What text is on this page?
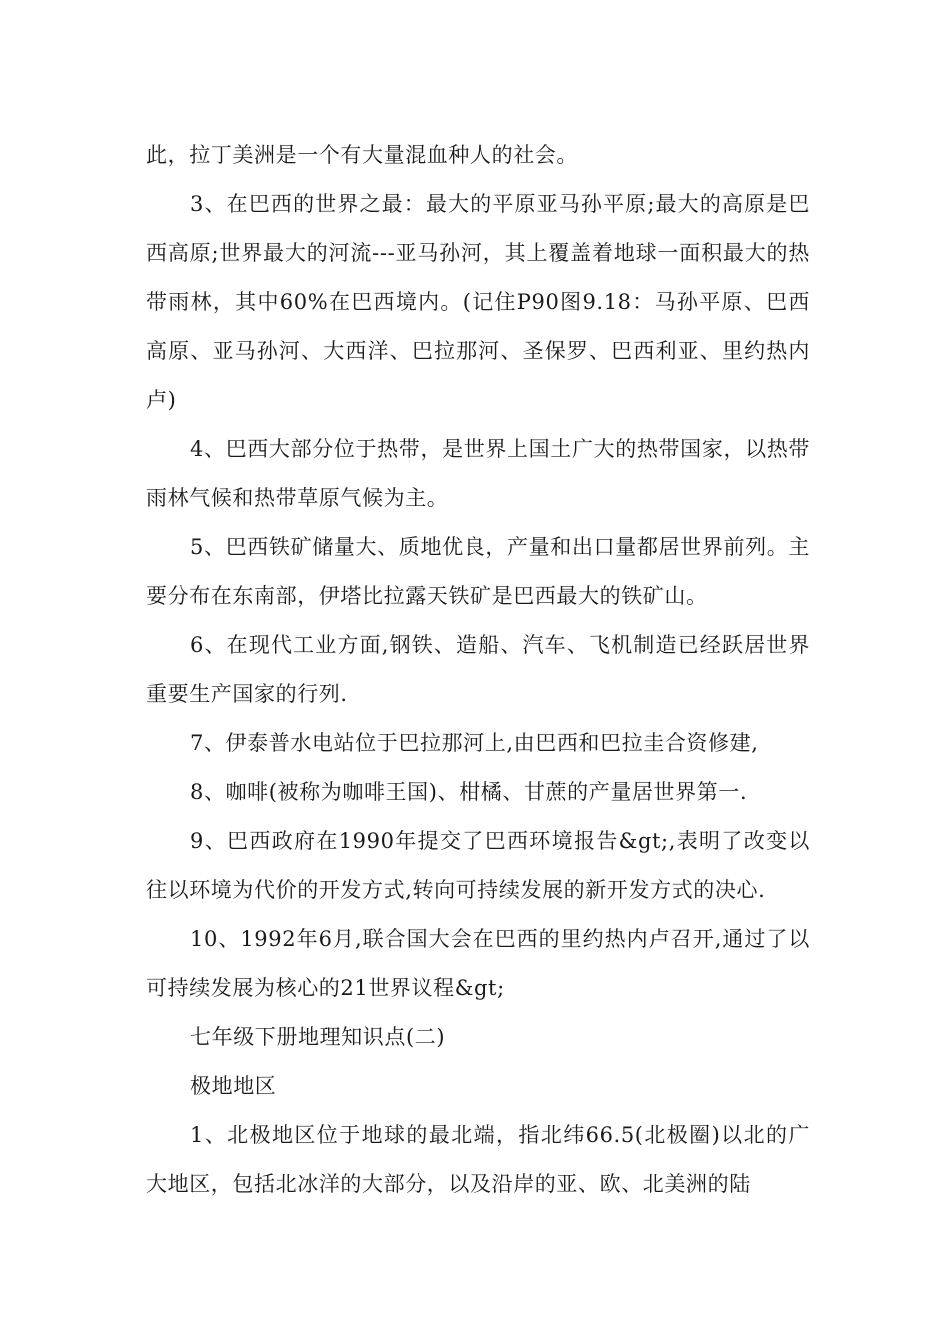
此，拉丁美洲是一个有大量混血种人的社会。

3、在巴西的世界之最：最大的平原亚马孙平原;最大的高原是巴西高原;世界最大的河流---亚马孙河，其上覆盖着地球一面积最大的热带雨林，其中60%在巴西境内。(记住P90图9.18：马孙平原、巴西高原、亚马孙河、大西洋、巴拉那河、圣保罗、巴西利亚、里约热内卢)

4、巴西大部分位于热带，是世界上国土广大的热带国家，以热带雨林气候和热带草原气候为主。

5、巴西铁矿储量大、质地优良，产量和出口量都居世界前列。主要分布在东南部，伊塔比拉露天铁矿是巴西最大的铁矿山。

6、在现代工业方面,钢铁、造船、汽车、飞机制造已经跃居世界重要生产国家的行列.

7、伊泰普水电站位于巴拉那河上,由巴西和巴拉圭合资修建,

8、咖啡(被称为咖啡王国)、柑橘、甘蔗的产量居世界第一.

9、巴西政府在1990年提交了巴西环境报告&gt;,表明了改变以往以环境为代价的开发方式,转向可持续发展的新开发方式的决心.

10、1992年6月,联合国大会在巴西的里约热内卢召开,通过了以可持续发展为核心的21世界议程&gt;

七年级下册地理知识点(二)

极地地区

1、北极地区位于地球的最北端，指北纬66.5(北极圈)以北的广大地区，包括北冰洋的大部分，以及沿岸的亚、欧、北美洲的陆
